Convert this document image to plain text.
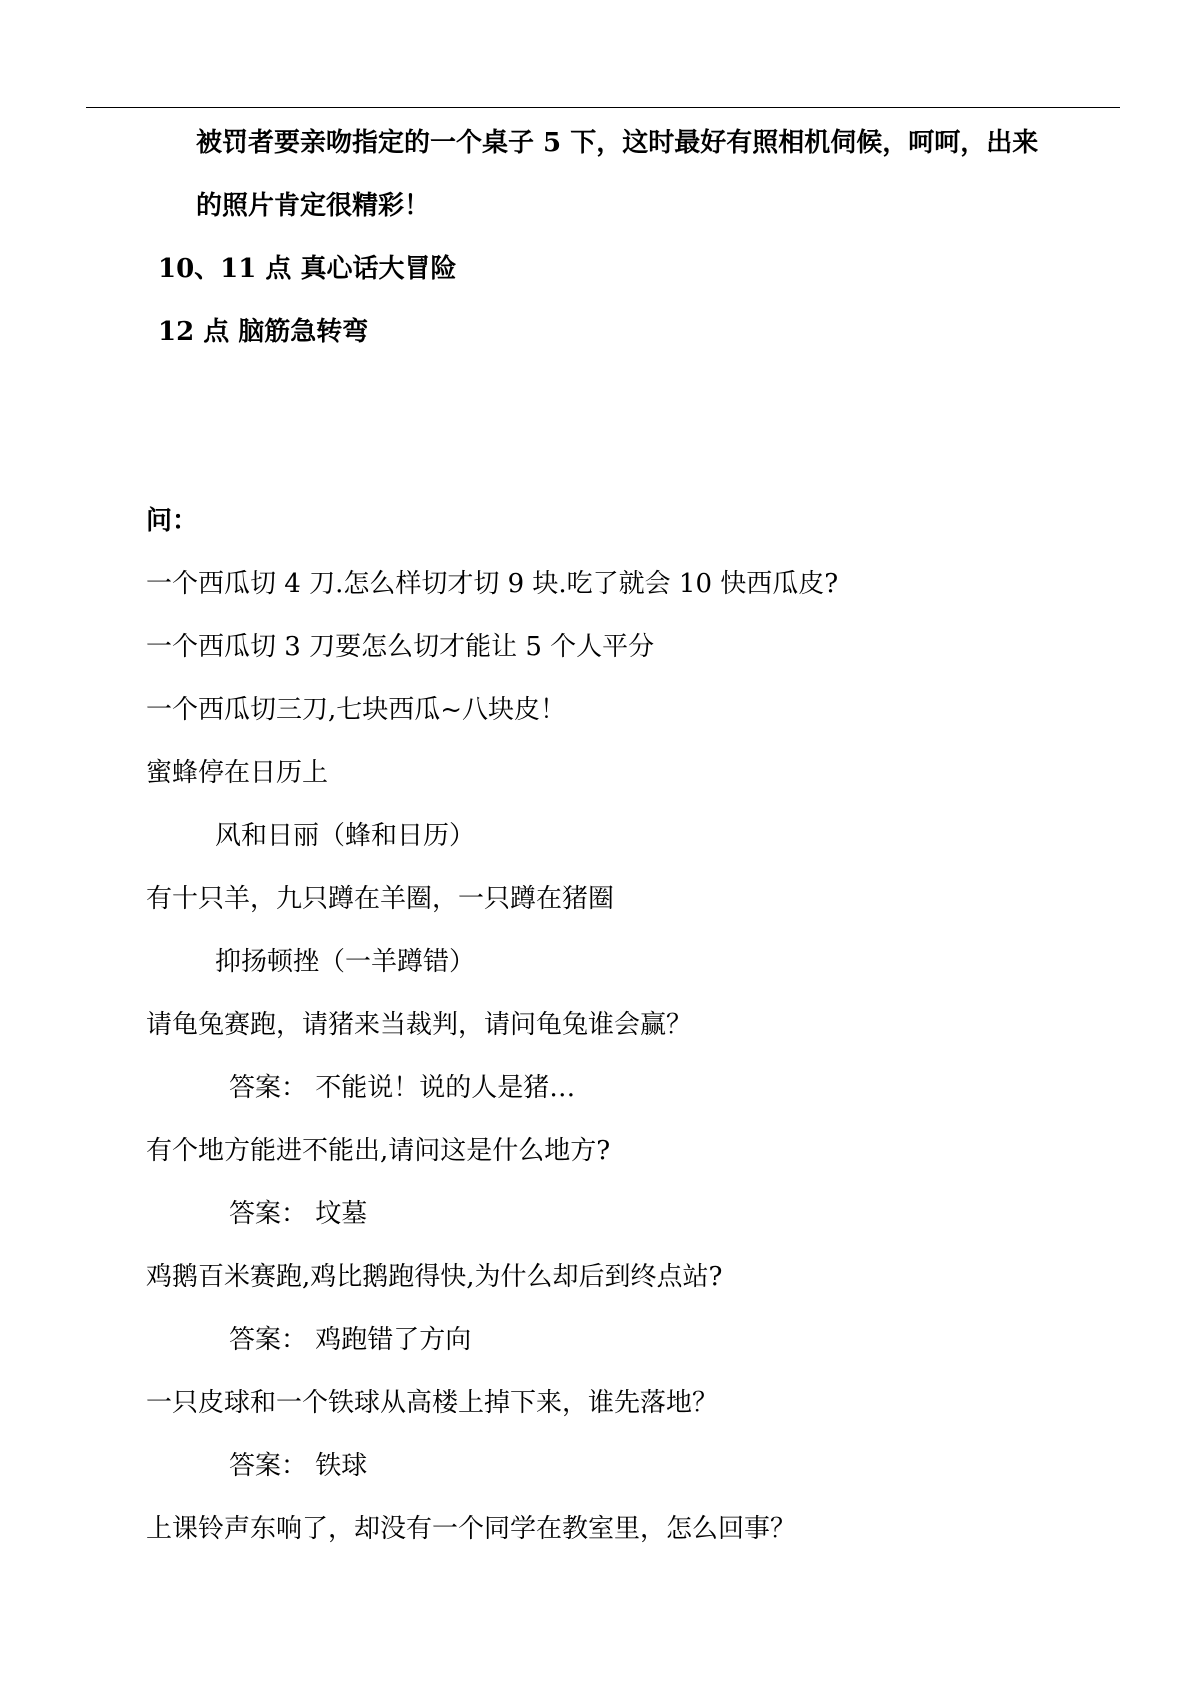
被罚者要亲吻指定的一个桌子 5 下，这时最好有照相机伺候，呵呵，出来
的照片肯定很精彩！
10、11 点 真心话大冒险
12 点 脑筋急转弯
问：
一个西瓜切 4 刀.怎么样切才切 9 块.吃了就会 10 快西瓜皮?
一个西瓜切 3 刀要怎么切才能让 5 个人平分
一个西瓜切三刀,七块西瓜~八块皮！
蜜蜂停在日历上
风和日丽（蜂和日历）
有十只羊，九只蹲在羊圈，一只蹲在猪圈
抑扬顿挫（一羊蹲错）
请龟兔赛跑，请猪来当裁判，请问龟兔谁会赢？
答案： 不能说！说的人是猪…
有个地方能进不能出,请问这是什么地方?
答案： 坟墓
鸡鹅百米赛跑,鸡比鹅跑得快,为什么却后到终点站?
答案： 鸡跑错了方向
一只皮球和一个铁球从高楼上掉下来，谁先落地？
答案： 铁球
上课铃声东响了，却没有一个同学在教室里，怎么回事？
